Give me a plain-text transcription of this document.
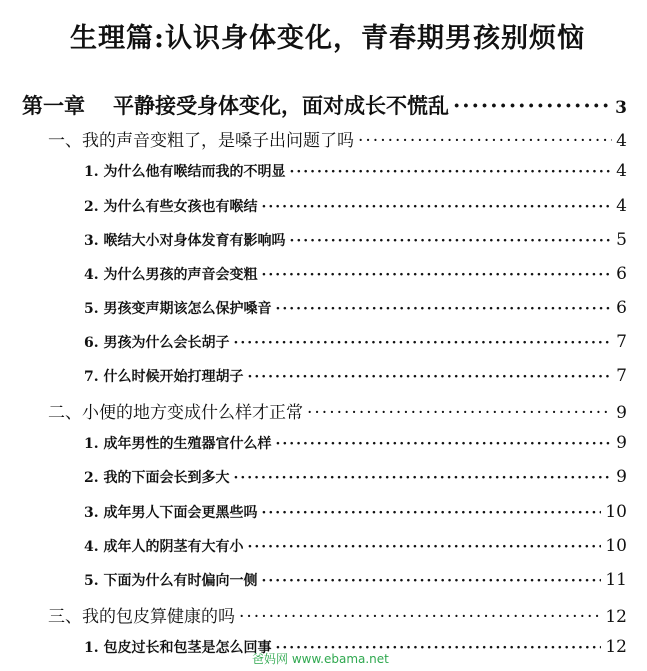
生理篇:认识身体变化，青春期男孩别烦恼
第一章 平静接受身体变化，面对成长不慌乱 ·····	3
一、我的声音变粗了，是嗓子出问题了吗 ·····	4
1. 为什么他有喉结而我的不明显 ·····	4
2. 为什么有些女孩也有喉结 ·····	4
3. 喉结大小对身体发育有影响吗 ·····	5
4. 为什么男孩的声音会变粗 ·····	6
5. 男孩变声期该怎么保护嗓音 ·····	6
6. 男孩为什么会长胡子 ·····	7
7. 什么时候开始打理胡子 ·····	7
二、小便的地方变成什么样才正常 ·····	9
1. 成年男性的生殖器官什么样 ·····	9
2. 我的下面会长到多大 ·····	9
3. 成年男人下面会更黑些吗 ·····	10
4. 成年人的阴茎有大有小 ·····	10
5. 下面为什么有时偏向一侧 ·····	11
三、我的包皮算健康的吗 ·····	12
1. 包皮过长和包茎是怎么回事 ·····	12
爸妈网 www.ebama.net
